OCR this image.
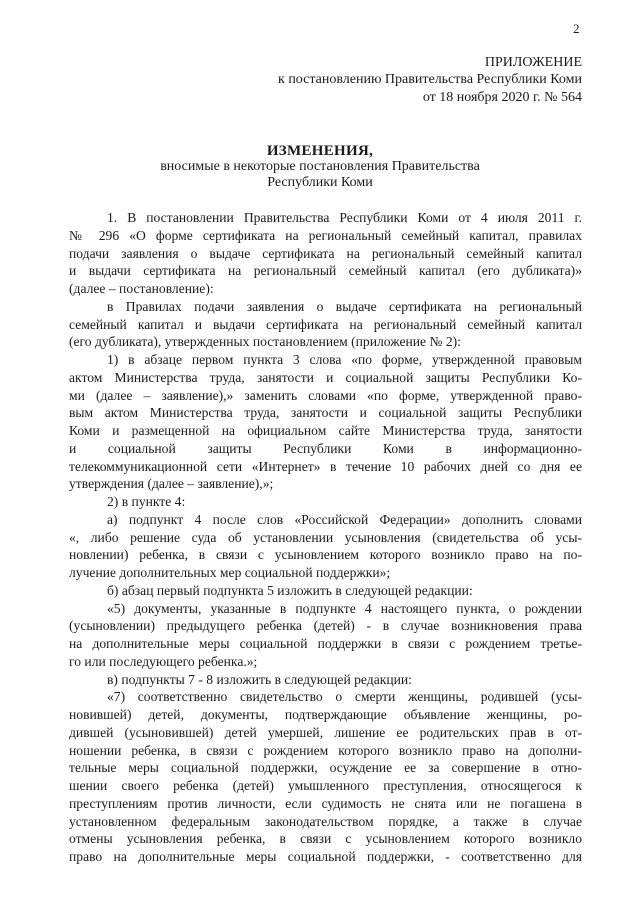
2
ПРИЛОЖЕНИЕ
к постановлению Правительства Республики Коми
от 18 ноября 2020 г. № 564
ИЗМЕНЕНИЯ,
вносимые в некоторые постановления Правительства
Республики Коми
1. В постановлении Правительства Республики Коми от 4 июля 2011 г.
№ 296 «О форме сертификата на региональный семейный капитал, правилах
подачи заявления о выдаче сертификата на региональный семейный капитал
и выдачи сертификата на региональный семейный капитал (его дубликата)»
(далее – постановление):
в Правилах подачи заявления о выдаче сертификата на региональный
семейный капитал и выдачи сертификата на региональный семейный капитал
(его дубликата), утвержденных постановлением (приложение № 2):
1) в абзаце первом пункта 3 слова «по форме, утвержденной правовым
актом Министерства труда, занятости и социальной защиты Республики Ко-
ми (далее – заявление),» заменить словами «по форме, утвержденной право-
вым актом Министерства труда, занятости и социальной защиты Республики
Коми и размещенной на официальном сайте Министерства труда, занятости
и социальной защиты Республики Коми в информационно-
телекоммуникационной сети «Интернет» в течение 10 рабочих дней со дня ее
утверждения (далее – заявление),»;
2) в пункте 4:
а) подпункт 4 после слов «Российской Федерации» дополнить словами
«, либо решение суда об установлении усыновления (свидетельства об усы-
новлении) ребенка, в связи с усыновлением которого возникло право на по-
лучение дополнительных мер социальной поддержки»;
б) абзац первый подпункта 5 изложить в следующей редакции:
«5) документы, указанные в подпункте 4 настоящего пункта, о рождении
(усыновлении) предыдущего ребенка (детей) - в случае возникновения права
на дополнительные меры социальной поддержки в связи с рождением третье-
го или последующего ребенка.»;
в) подпункты 7 - 8 изложить в следующей редакции:
«7) соответственно свидетельство о смерти женщины, родившей (усы-
новившей) детей, документы, подтверждающие объявление женщины, ро-
дившей (усыновившей) детей умершей, лишение ее родительских прав в от-
ношении ребенка, в связи с рождением которого возникло право на дополни-
тельные меры социальной поддержки, осуждение ее за совершение в отно-
шении своего ребенка (детей) умышленного преступления, относящегося к
преступлениям против личности, если судимость не снята или не погашена в
установленном федеральным законодательством порядке, а также в случае
отмены усыновления ребенка, в связи с усыновлением которого возникло
право на дополнительные меры социальной поддержки, - соответственно для
